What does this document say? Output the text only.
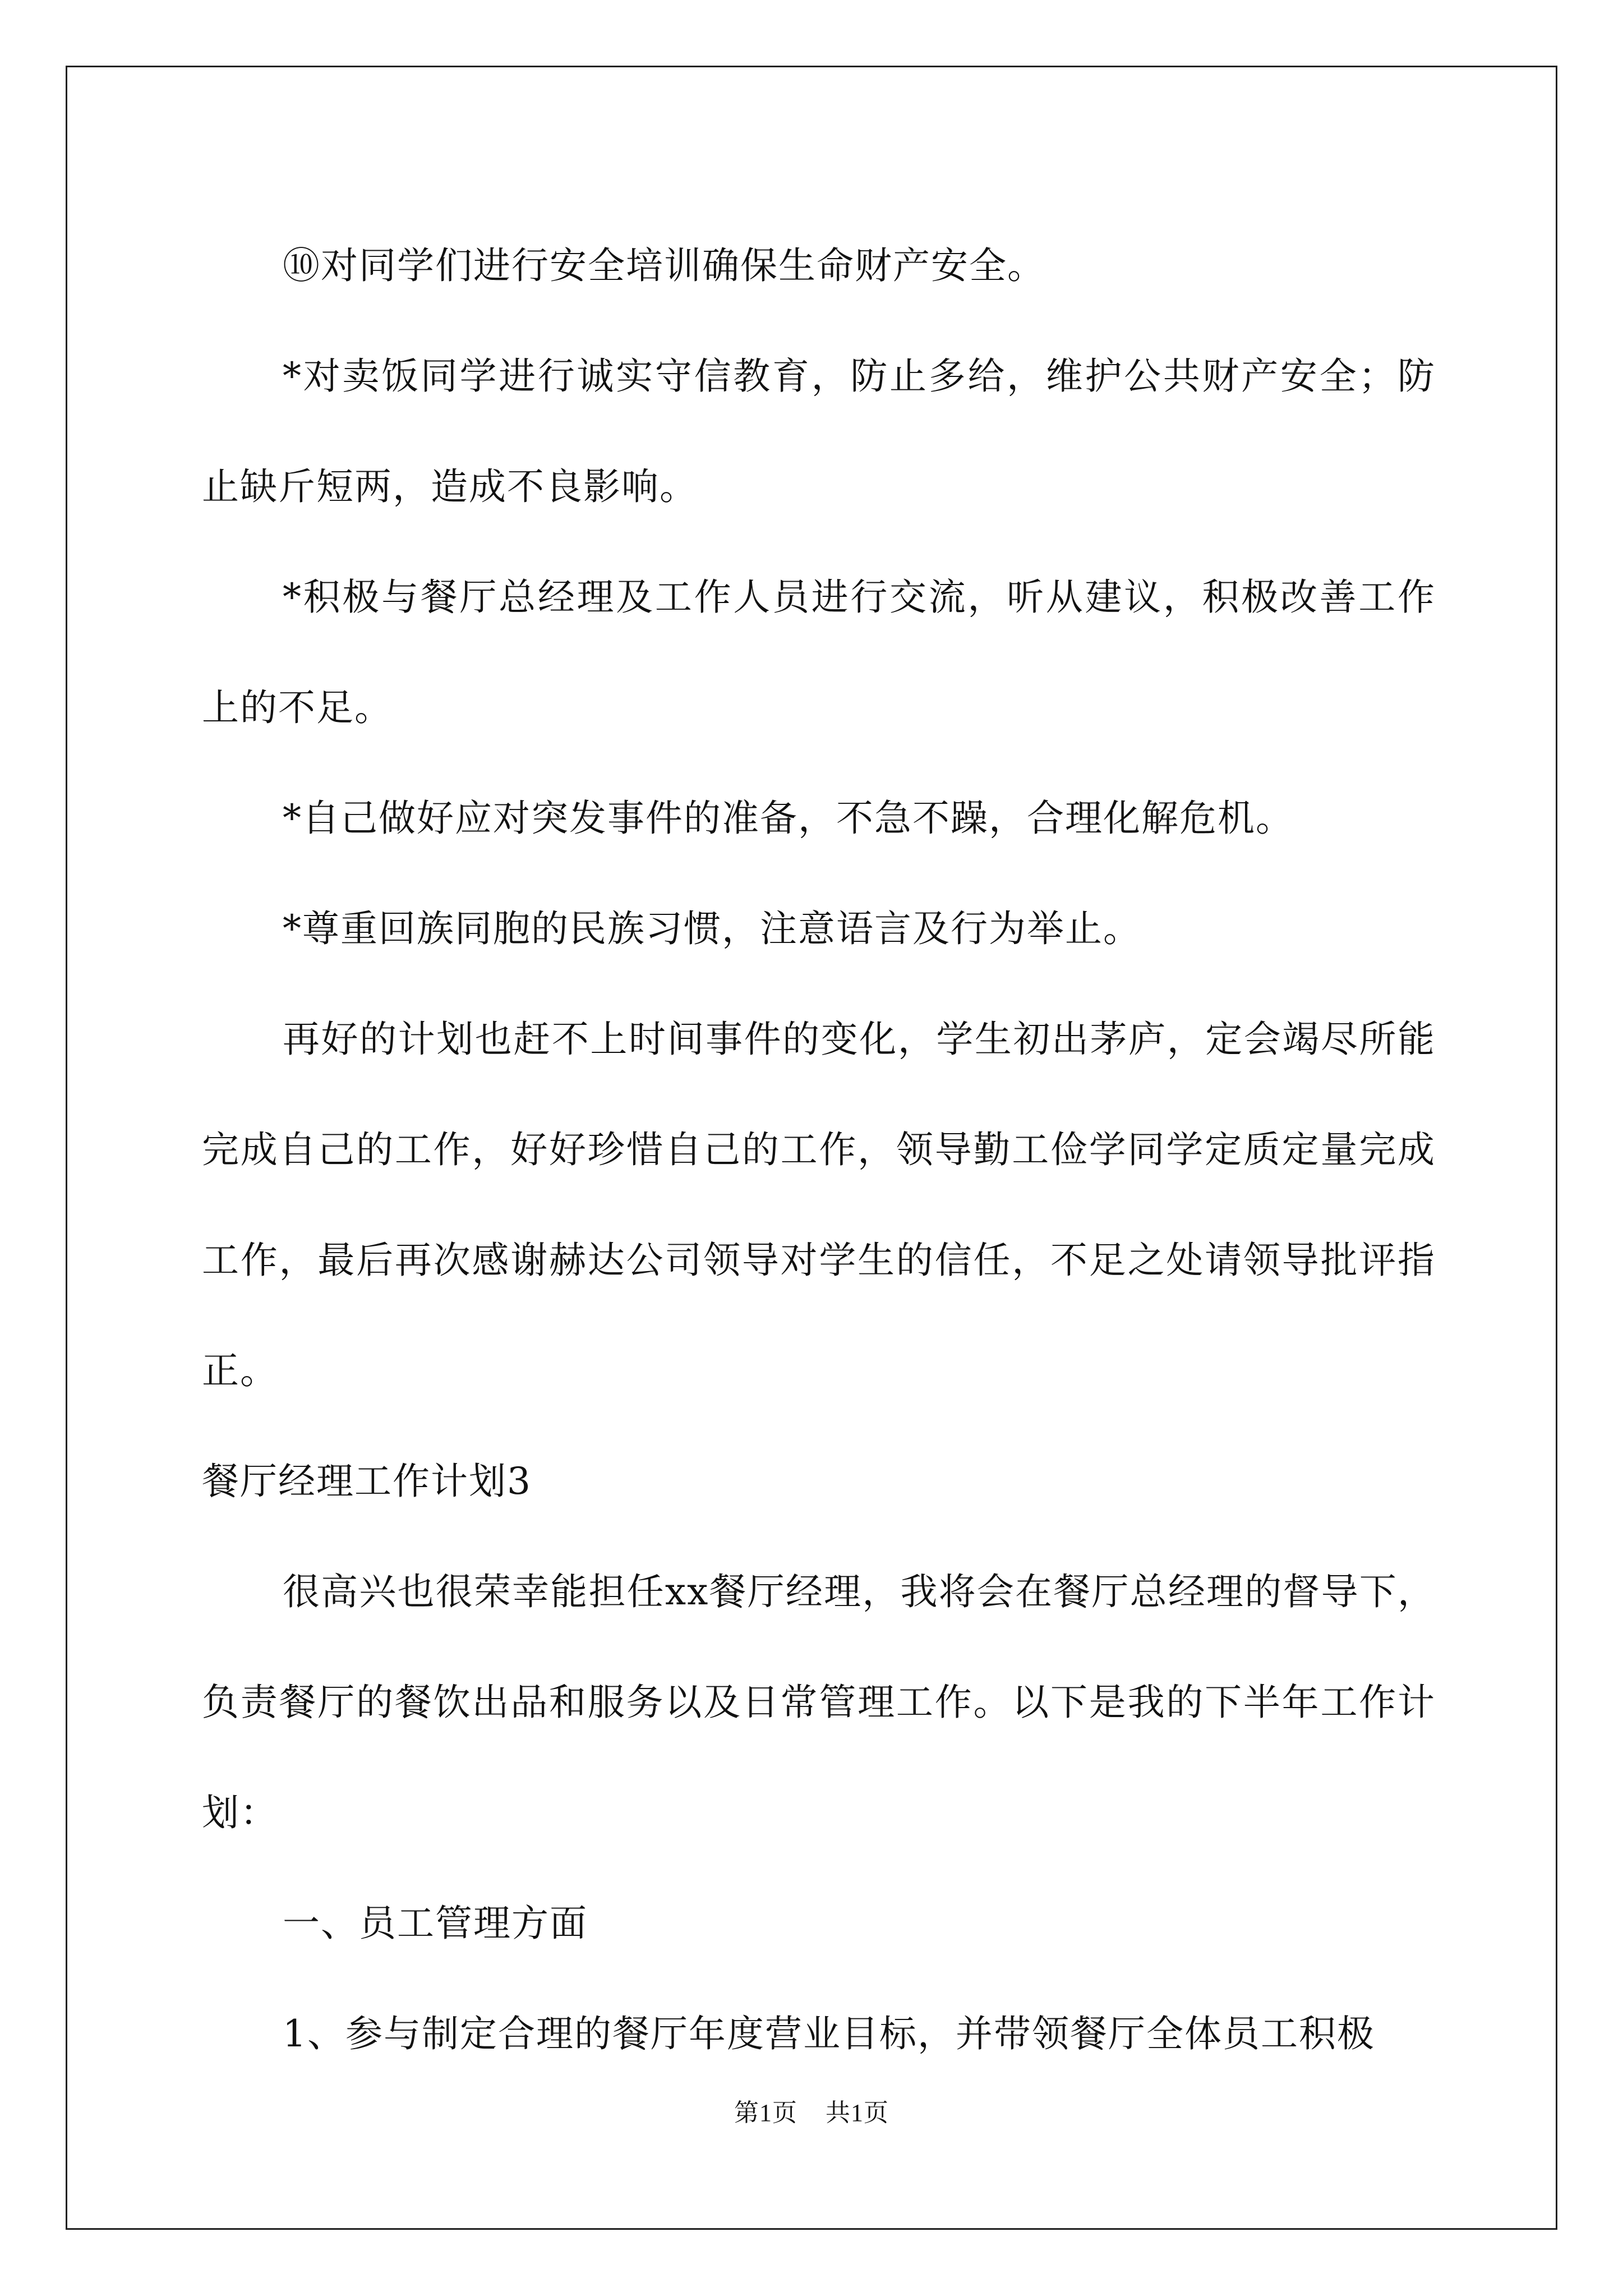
⑩对同学们进行安全培训确保生命财产安全。

*对卖饭同学进行诚实守信教育，防止多给，维护公共财产安全；防止缺斤短两，造成不良影响。

*积极与餐厅总经理及工作人员进行交流，听从建议，积极改善工作上的不足。

*自己做好应对突发事件的准备，不急不躁，合理化解危机。

*尊重回族同胞的民族习惯，注意语言及行为举止。

再好的计划也赶不上时间事件的变化，学生初出茅庐，定会竭尽所能完成自己的工作，好好珍惜自己的工作，领导勤工俭学同学定质定量完成工作，最后再次感谢赫达公司领导对学生的信任，不足之处请领导批评指正。

餐厅经理工作计划3

很高兴也很荣幸能担任xx餐厅经理，我将会在餐厅总经理的督导下，负责餐厅的餐饮出品和服务以及日常管理工作。以下是我的下半年工作计划：

一、员工管理方面

1、参与制定合理的餐厅年度营业目标，并带领餐厅全体员工积极

第1页 共1页
